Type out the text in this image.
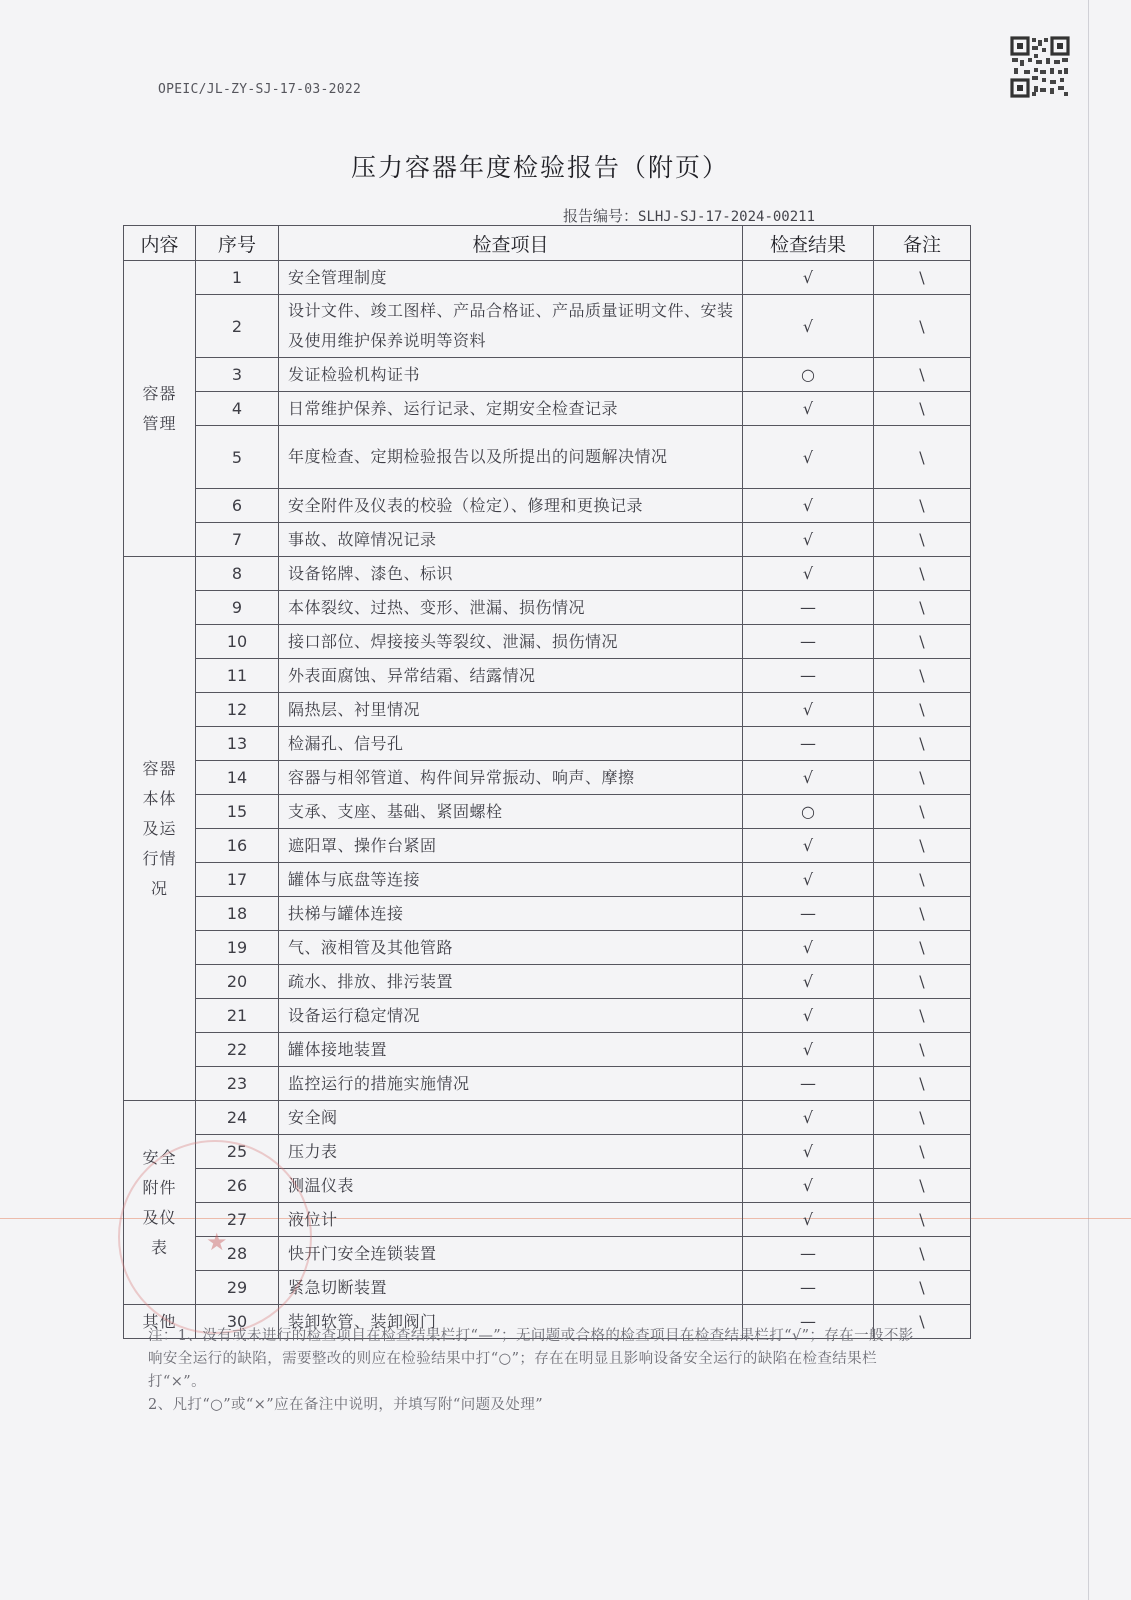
OPEIC/JL-ZY-SJ-17-03-2022
压力容器年度检验报告（附页）
报告编号：SLHJ-SJ-17-2024-00211
内容	序号	检查项目	检查结果	备注
容器管理	1	安全管理制度	√	\
	2	设计文件、竣工图样、产品合格证、产品质量证明文件、安装及使用维护保养说明等资料	√	\
	3	发证检验机构证书	○	\
	4	日常维护保养、运行记录、定期安全检查记录	√	\
	5	年度检查、定期检验报告以及所提出的问题解决情况	√	\
	6	安全附件及仪表的校验（检定）、修理和更换记录	√	\
	7	事故、故障情况记录	√	\
容器本体及运行情况	8	设备铭牌、漆色、标识	√	\
	9	本体裂纹、过热、变形、泄漏、损伤情况	—	\
	10	接口部位、焊接接头等裂纹、泄漏、损伤情况	—	\
	11	外表面腐蚀、异常结霜、结露情况	—	\
	12	隔热层、衬里情况	√	\
	13	检漏孔、信号孔	—	\
	14	容器与相邻管道、构件间异常振动、响声、摩擦	√	\
	15	支承、支座、基础、紧固螺栓	○	\
	16	遮阳罩、操作台紧固	√	\
	17	罐体与底盘等连接	√	\
	18	扶梯与罐体连接	—	\
	19	气、液相管及其他管路	√	\
	20	疏水、排放、排污装置	√	\
	21	设备运行稳定情况	√	\
	22	罐体接地装置	√	\
	23	监控运行的措施实施情况	—	\
安全附件及仪表	24	安全阀	√	\
	25	压力表	√	\
	26	测温仪表	√	\
	27	液位计	√	\
	28	快开门安全连锁装置	—	\
	29	紧急切断装置	—	\
其他	30	装卸软管、装卸阀门	—	\
★

注：1、没有或未进行的检查项目在检查结果栏打“—”；无问题或合格的检查项目在检查结果栏打“√”；存在一般不影响安全运行的缺陷，需要整改的则应在检验结果中打“○”；存在在明显且影响设备安全运行的缺陷在检查结果栏打“×”。

2、凡打“○”或“×”应在备注中说明，并填写附“问题及处理”
